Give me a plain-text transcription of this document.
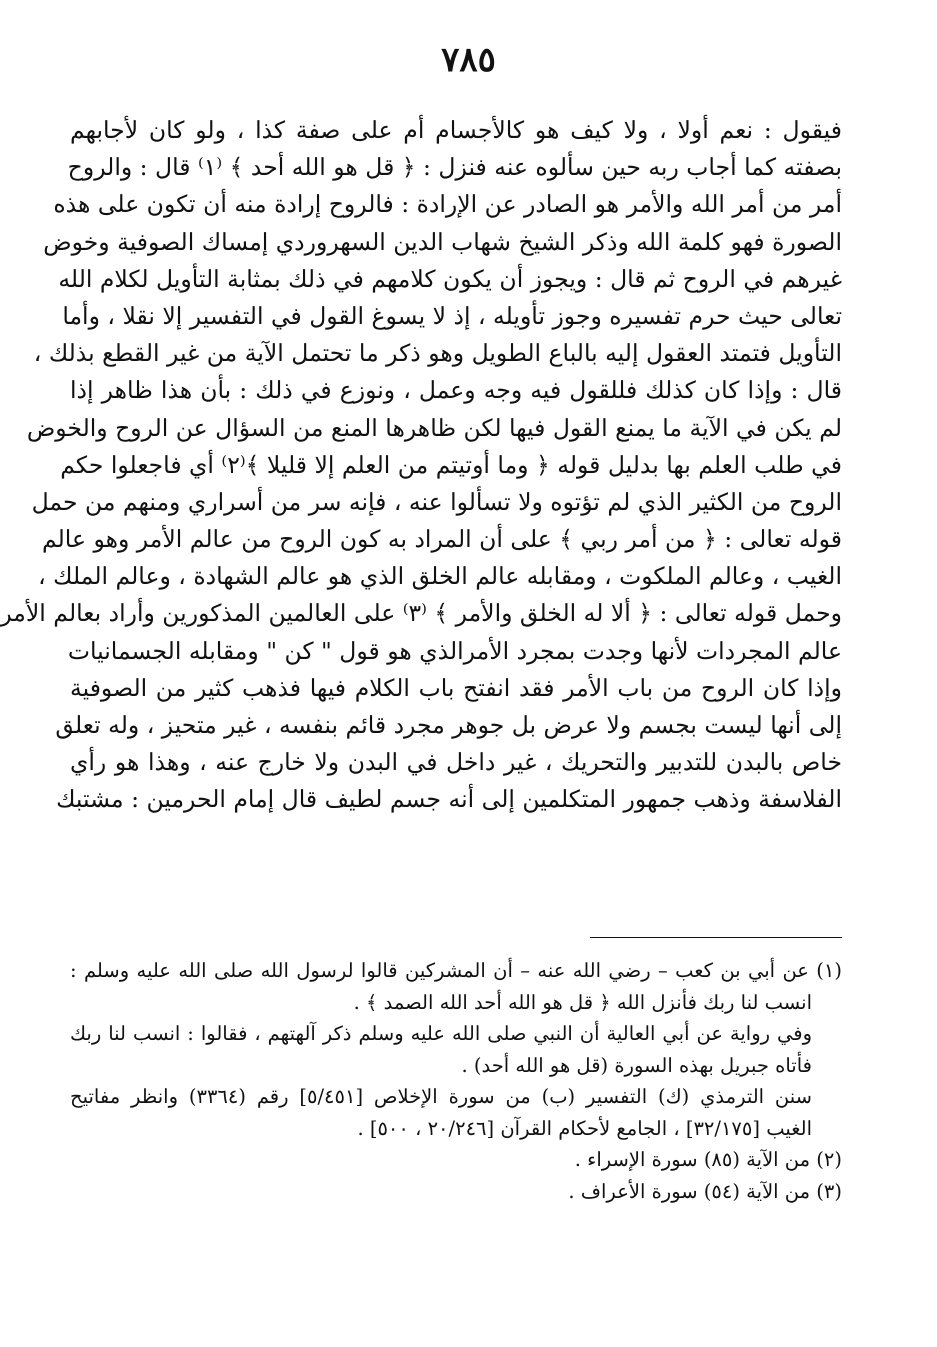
٧٨٥
فيقول : نعم أولا ، ولا كيف هو كالأجسام أم على صفة كذا ، ولو كان لأجابهم
بصفته كما أجاب ربه حين سألوه عنه فنزل : ﴿ قل هو الله أحد ﴾ ⁽١⁾ قال : والروح
أمر من أمر الله والأمر هو الصادر عن الإرادة : فالروح إرادة منه أن تكون على هذه
الصورة فهو كلمة الله وذكر الشيخ شهاب الدين السهروردي إمساك الصوفية وخوض
غيرهم في الروح ثم قال : ويجوز أن يكون كلامهم في ذلك بمثابة التأويل لكلام الله
تعالى حيث حرم تفسيره وجوز تأويله ، إذ لا يسوغ القول في التفسير إلا نقلا ، وأما
التأويل فتمتد العقول إليه بالباع الطويل وهو ذكر ما تحتمل الآية من غير القطع بذلك ،
قال : وإذا كان كذلك فللقول فيه وجه وعمل ، ونوزع في ذلك : بأن هذا ظاهر إذا
لم يكن في الآية ما يمنع القول فيها لكن ظاهرها المنع من السؤال عن الروح والخوض
في طلب العلم بها بدليل قوله ﴿ وما أوتيتم من العلم إلا قليلا ﴾⁽٢⁾ أي فاجعلوا حكم
الروح من الكثير الذي لم تؤتوه ولا تسألوا عنه ، فإنه سر من أسراري ومنهم من حمل
قوله تعالى : ﴿ من أمر ربي ﴾ على أن المراد به كون الروح من عالم الأمر وهو عالم
الغيب ، وعالم الملكوت ، ومقابله عالم الخلق الذي هو عالم الشهادة ، وعالم الملك ،
وحمل قوله تعالى : ﴿ ألا له الخلق والأمر ﴾ ⁽٣⁾ على العالمين المذكورين وأراد بعالم الأمر
عالم المجردات لأنها وجدت بمجرد الأمرالذي هو قول " كن " ومقابله الجسمانيات
وإذا كان الروح من باب الأمر فقد انفتح باب الكلام فيها فذهب كثير من الصوفية
إلى أنها ليست بجسم ولا عرض بل جوهر مجرد قائم بنفسه ، غير متحيز ، وله تعلق
خاص بالبدن للتدبير والتحريك ، غير داخل في البدن ولا خارج عنه ، وهذا هو رأي
الفلاسفة وذهب جمهور المتكلمين إلى أنه جسم لطيف قال إمام الحرمين : مشتبك
(١) عن أبي بن كعب – رضي الله عنه – أن المشركين قالوا لرسول الله صلى الله عليه وسلم :
انسب لنا ربك فأنزل الله ﴿ قل هو الله أحد الله الصمد ﴾ .
وفي رواية عن أبي العالية أن النبي صلى الله عليه وسلم ذكر آلهتهم ، فقالوا : انسب لنا ربك
فأتاه جبريل بهذه السورة (قل هو الله أحد) .
سنن الترمذي (ك) التفسير (ب) من سورة الإخلاص [٥/٤٥١] رقم (٣٣٦٤) وانظر مفاتيح
الغيب [٣٢/١٧٥] ، الجامع لأحكام القرآن [٢٠/٢٤٦ ، ٥٠٠] .
(٢) من الآية (٨٥) سورة الإسراء .
(٣) من الآية (٥٤) سورة الأعراف .
